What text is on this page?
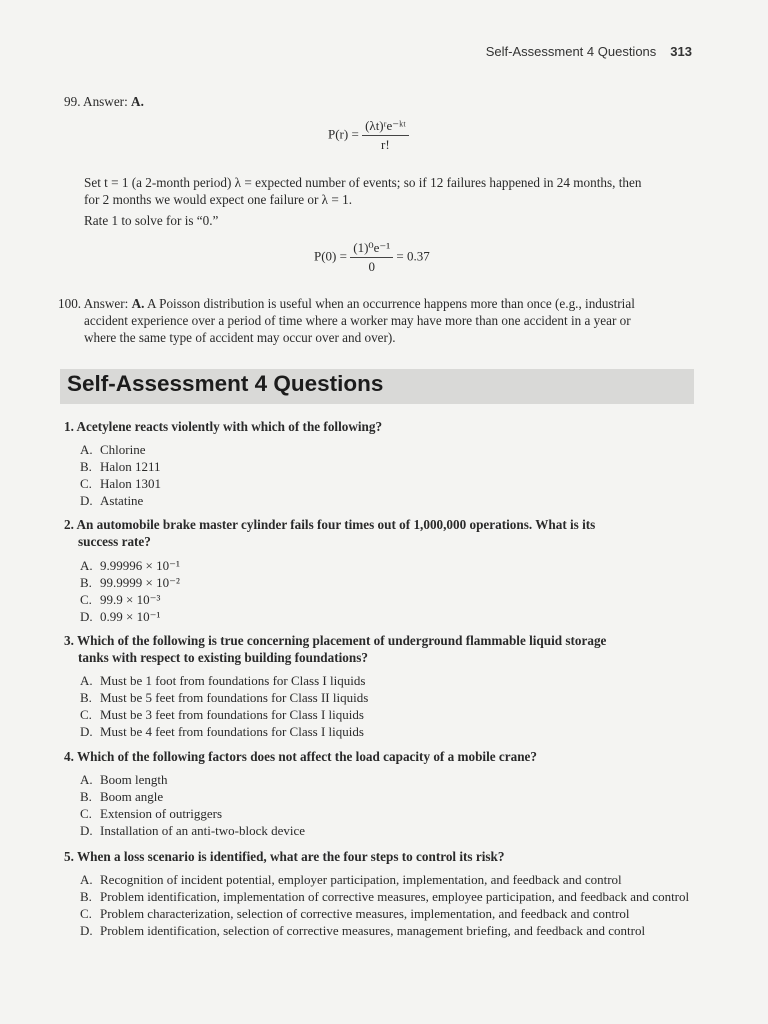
Self-Assessment 4 Questions 313
99. Answer: A.
$P(r) = \frac{\text{(λt)ʳe⁻ᵏᵗ}}{r!}$
Set t = 1 (a 2-month period) λ = expected number of events; so if 12 failures happened in 24 months, then
for 2 months we would expect one failure or λ = 1.
Rate 1 to solve for is “0.”
$P(0) = \frac{\text{(1)⁰e⁻¹}}{0} = 0.37$
100. Answer: A. A Poisson distribution is useful when an occurrence happens more than once (e.g., industrial
accident experience over a period of time where a worker may have more than one accident in a year or
where the same type of accident may occur over and over).
Self-Assessment 4 Questions
1. Acetylene reacts violently with which of the following?
A. Chlorine
B. Halon 1211
C. Halon 1301
D. Astatine
2. An automobile brake master cylinder fails four times out of 1,000,000 operations. What is its
success rate?
A. 9.99996 × 10⁻¹
B. 99.9999 × 10⁻²
C. 99.9 × 10⁻³
D. 0.99 × 10⁻¹
3. Which of the following is true concerning placement of underground flammable liquid storage
tanks with respect to existing building foundations?
A. Must be 1 foot from foundations for Class I liquids
B. Must be 5 feet from foundations for Class II liquids
C. Must be 3 feet from foundations for Class I liquids
D. Must be 4 feet from foundations for Class I liquids
4. Which of the following factors does not affect the load capacity of a mobile crane?
A. Boom length
B. Boom angle
C. Extension of outriggers
D. Installation of an anti-two-block device
5. When a loss scenario is identified, what are the four steps to control its risk?
A. Recognition of incident potential, employer participation, implementation, and feedback and control
B. Problem identification, implementation of corrective measures, employee participation, and feedback and control
C. Problem characterization, selection of corrective measures, implementation, and feedback and control
D. Problem identification, selection of corrective measures, management briefing, and feedback and control
